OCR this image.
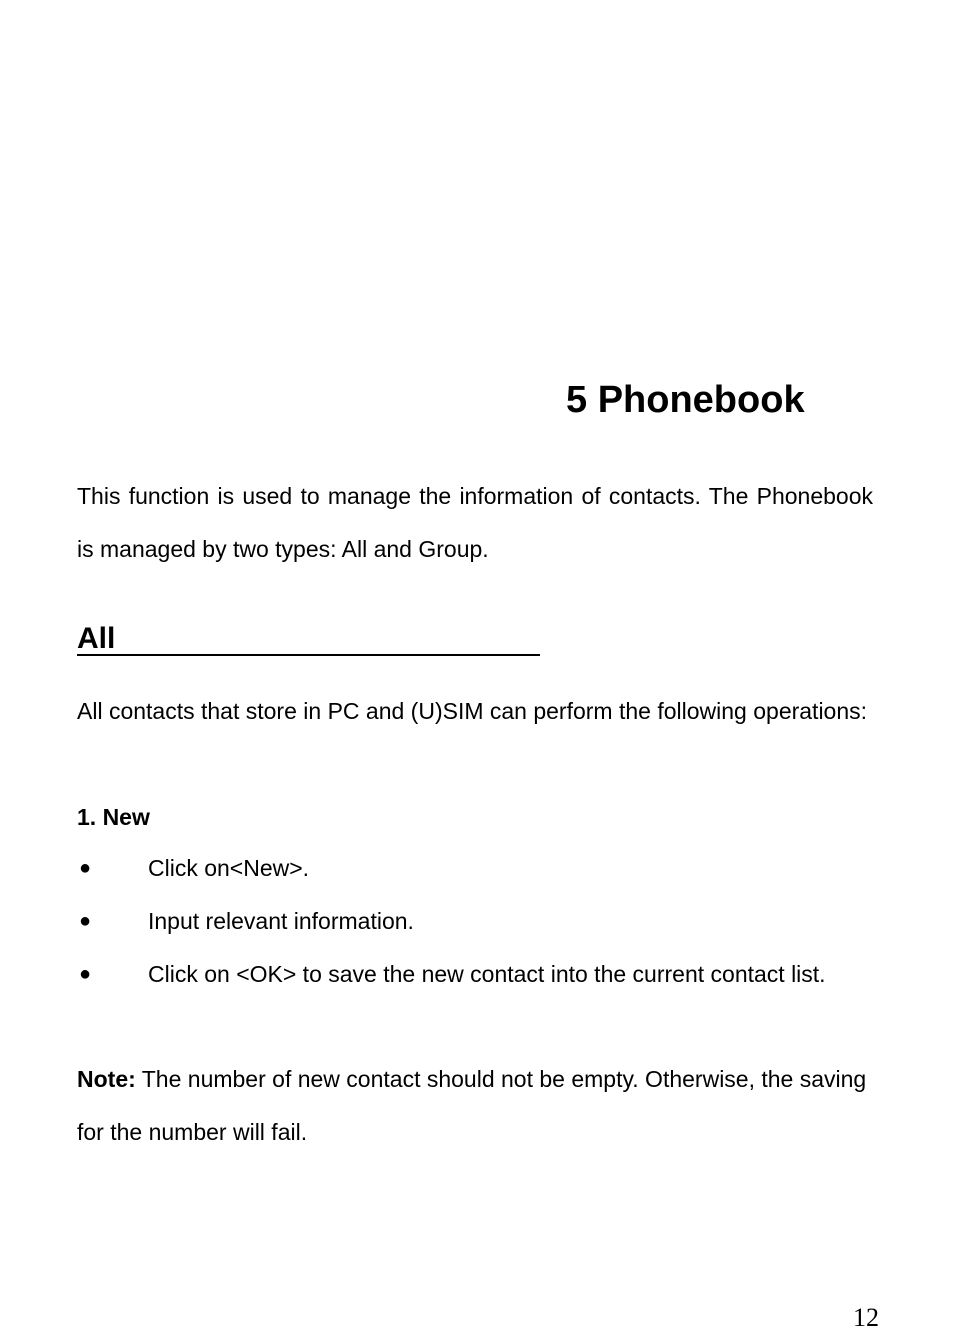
5 Phonebook

This function is used to manage the information of contacts. The Phonebook is managed by two types: All and Group.

All

All contacts that store in PC and (U)SIM can perform the following operations:

1. New
● Click on<New>.
● Input relevant information.
● Click on <OK> to save the new contact into the current contact list.

Note: The number of new contact should not be empty. Otherwise, the saving for the number will fail.

12
